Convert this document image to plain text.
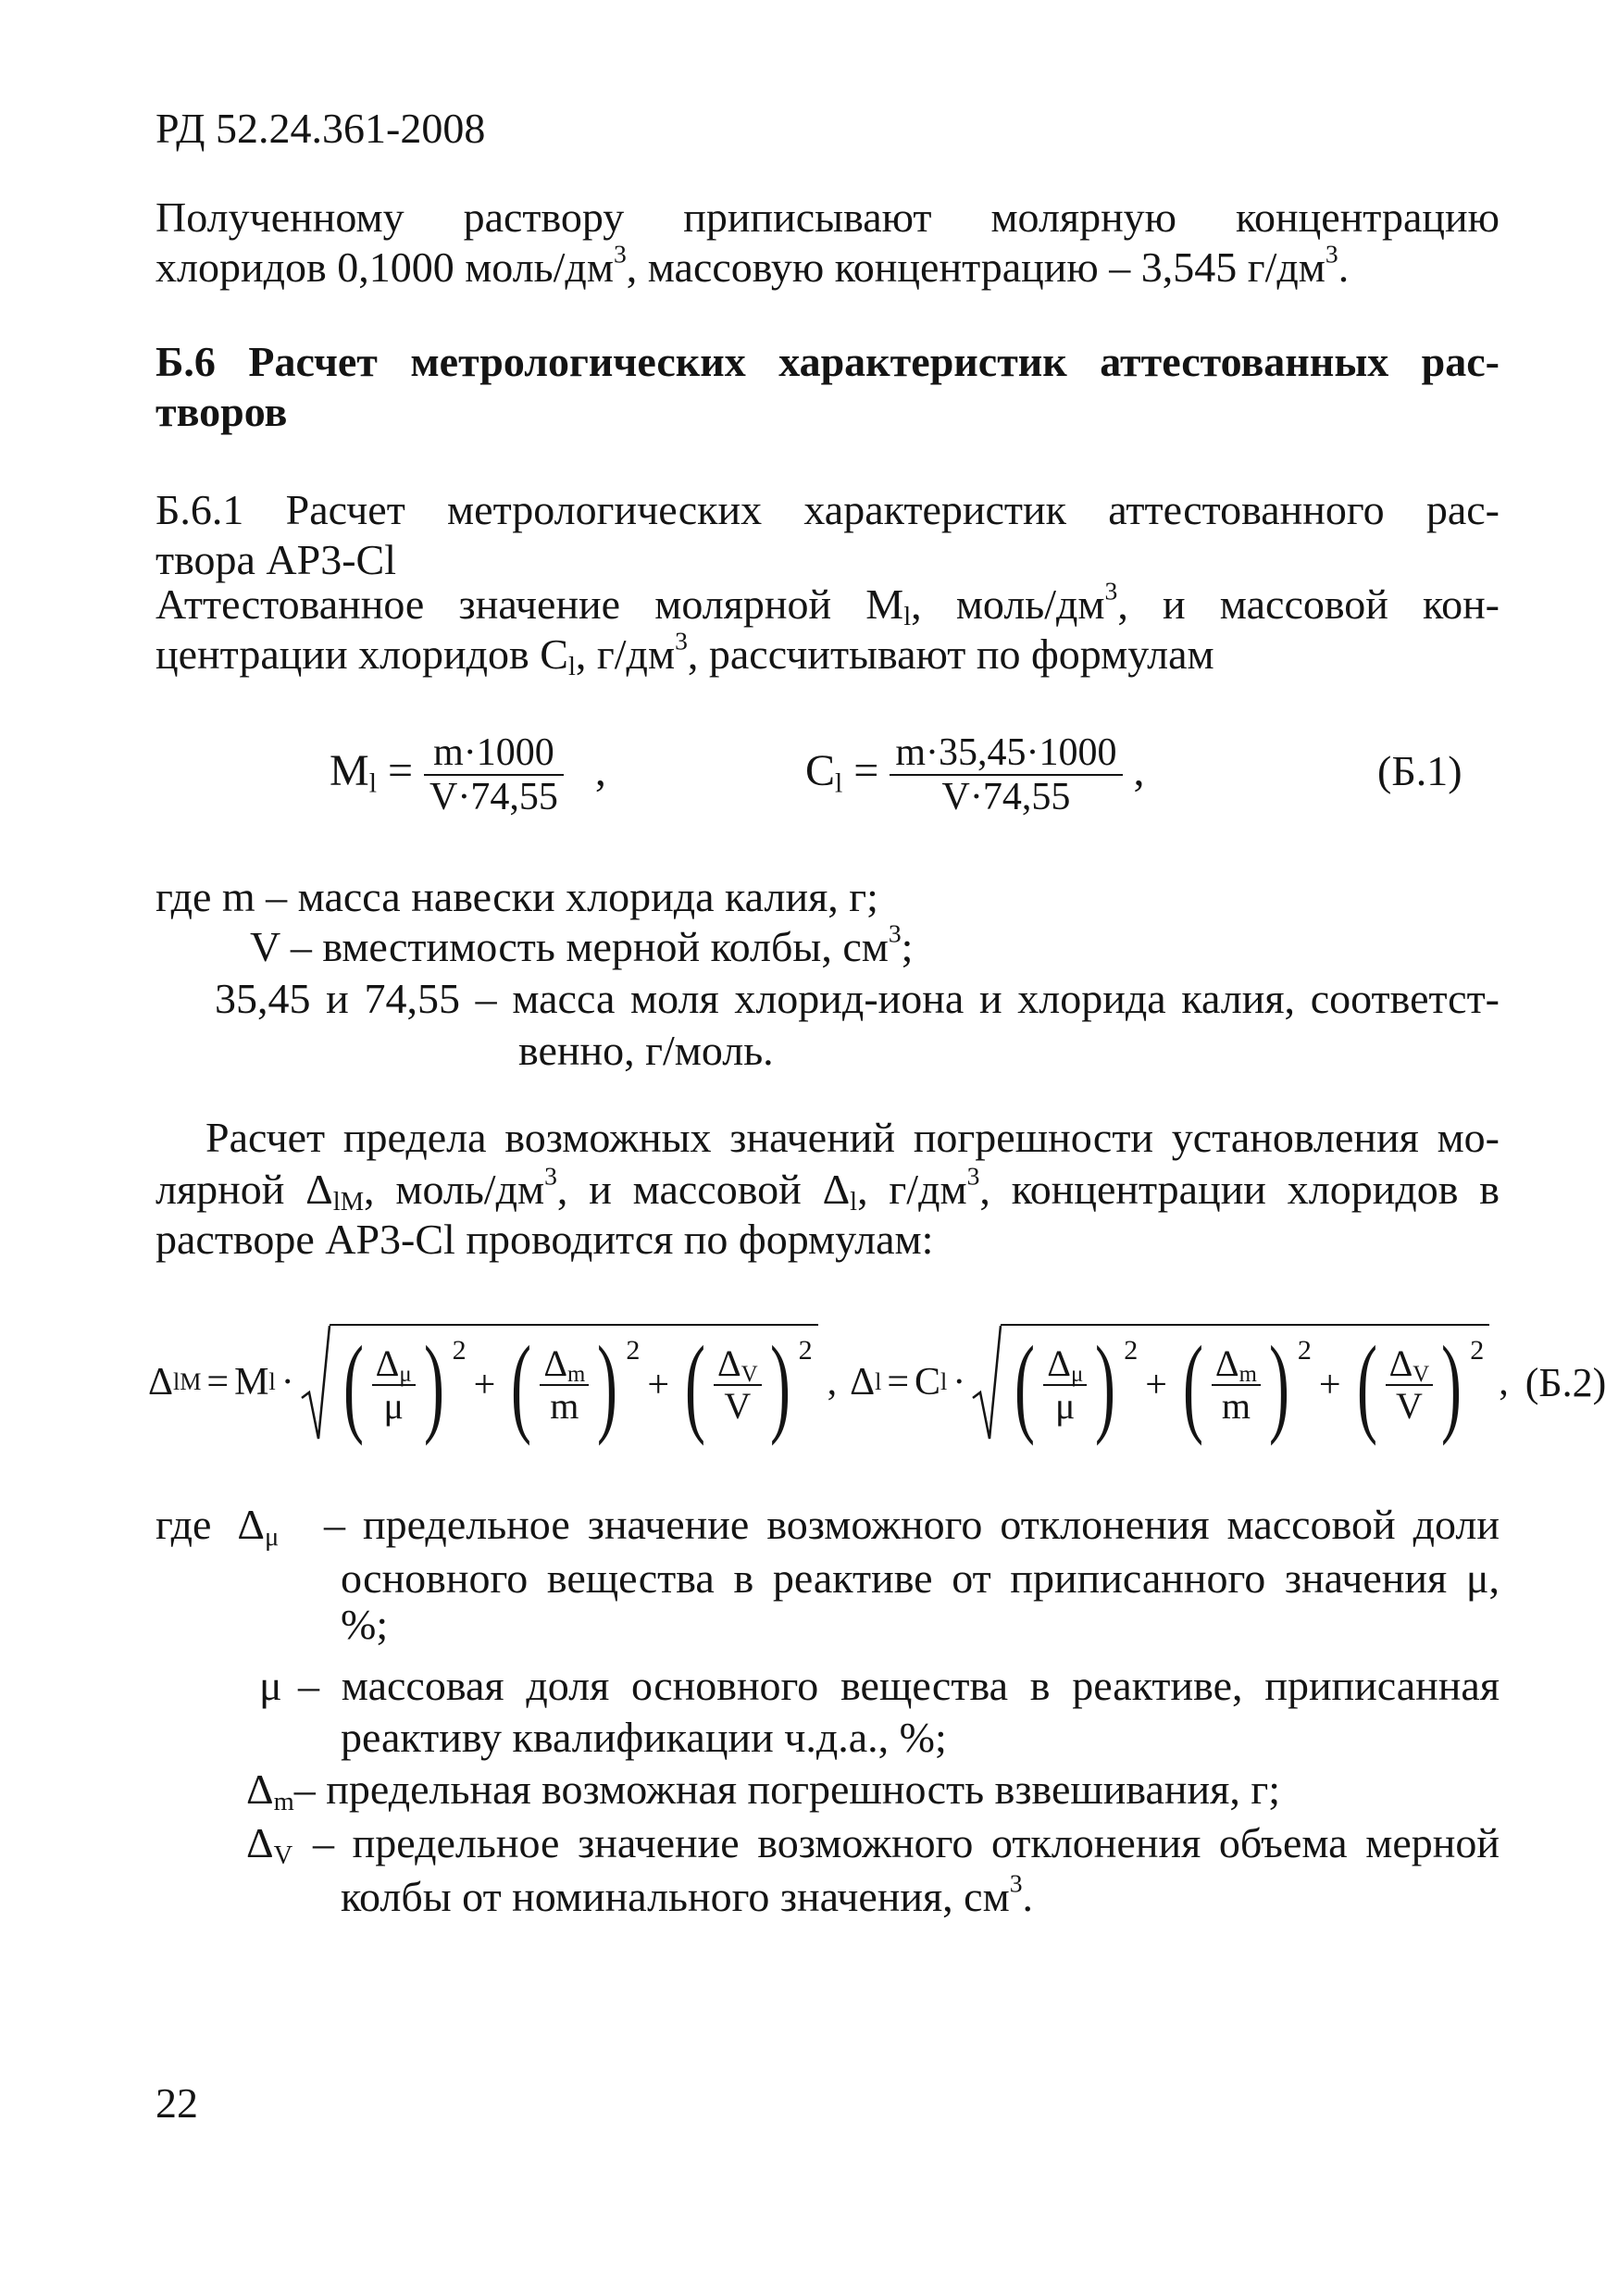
РД 52.24.361-2008
Полученному раствору приписывают молярную концентрацию
хлоридов 0,1000 моль/$дм^3$, массовую концентрацию – 3,545 $г/дм^3$.
Б.6 Расчет метрологических характеристик аттестованных рас-
творов
Б.6.1 Расчет метрологических характеристик аттестованного рас-
твора АР3-Cl
Аттестованное значение молярной $M_l$, моль/$дм^3$, и массовой кон-
центрации хлоридов $C_l$, $г/дм^3$, рассчитывают по формулам
$M_l = \frac{m\cdot 1000}{V\cdot 74,55}$ ,	$C_l = \frac{m\cdot 35,45\cdot 1000}{V\cdot 74,55}$ ,	(Б.1)
где m – масса навески хлорида калия, г;
V – вместимость мерной колбы, $см^3$;
35,45 и 74,55 – масса моля хлорид-иона и хлорида калия, соответст-
венно, г/моль.
Расчет предела возможных значений погрешности установления мо-
лярной $\Delta_{lM}$, моль/$дм^3$, и массовой $\Delta_l$, $г/дм^3$, концентрации хлоридов в
растворе АР3-Cl проводится по формулам:
Δ lM = M l · ( $\Delta_\mu$
μ ) 2
+ ( $\Delta_m$
m ) 2
+ ( $\Delta_V$
V ) 2
, Δ l = C l · ( $\Delta_\mu$
μ ) 2
+ ( $\Delta_m$
m ) 2
+ ( $\Delta_V$
V ) 2
, (Б.2)
где $\Delta_\mu$ – предельное значение возможного отклонения массовой доли
основного вещества в реактиве от приписанного значения μ,
%;
μ – массовая доля основного вещества в реактиве, приписанная
реактиву квалификации ч.д.а., %;
$\Delta_m-$ предельная возможная погрешность взвешивания, г;
$\Delta_V$ – предельное значение возможного отклонения объема мерной
колбы от номинального значения, $см^3$.
22
